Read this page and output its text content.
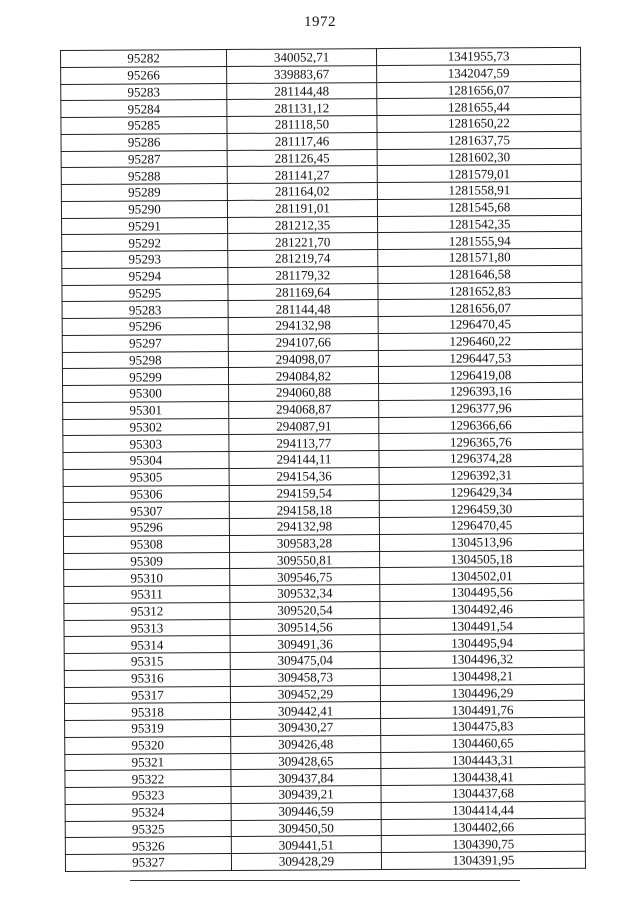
1972
95282	340052,71	1341955,73
95266	339883,67	1342047,59
95283	281144,48	1281656,07
95284	281131,12	1281655,44
95285	281118,50	1281650,22
95286	281117,46	1281637,75
95287	281126,45	1281602,30
95288	281141,27	1281579,01
95289	281164,02	1281558,91
95290	281191,01	1281545,68
95291	281212,35	1281542,35
95292	281221,70	1281555,94
95293	281219,74	1281571,80
95294	281179,32	1281646,58
95295	281169,64	1281652,83
95283	281144,48	1281656,07
95296	294132,98	1296470,45
95297	294107,66	1296460,22
95298	294098,07	1296447,53
95299	294084,82	1296419,08
95300	294060,88	1296393,16
95301	294068,87	1296377,96
95302	294087,91	1296366,66
95303	294113,77	1296365,76
95304	294144,11	1296374,28
95305	294154,36	1296392,31
95306	294159,54	1296429,34
95307	294158,18	1296459,30
95296	294132,98	1296470,45
95308	309583,28	1304513,96
95309	309550,81	1304505,18
95310	309546,75	1304502,01
95311	309532,34	1304495,56
95312	309520,54	1304492,46
95313	309514,56	1304491,54
95314	309491,36	1304495,94
95315	309475,04	1304496,32
95316	309458,73	1304498,21
95317	309452,29	1304496,29
95318	309442,41	1304491,76
95319	309430,27	1304475,83
95320	309426,48	1304460,65
95321	309428,65	1304443,31
95322	309437,84	1304438,41
95323	309439,21	1304437,68
95324	309446,59	1304414,44
95325	309450,50	1304402,66
95326	309441,51	1304390,75
95327	309428,29	1304391,95
